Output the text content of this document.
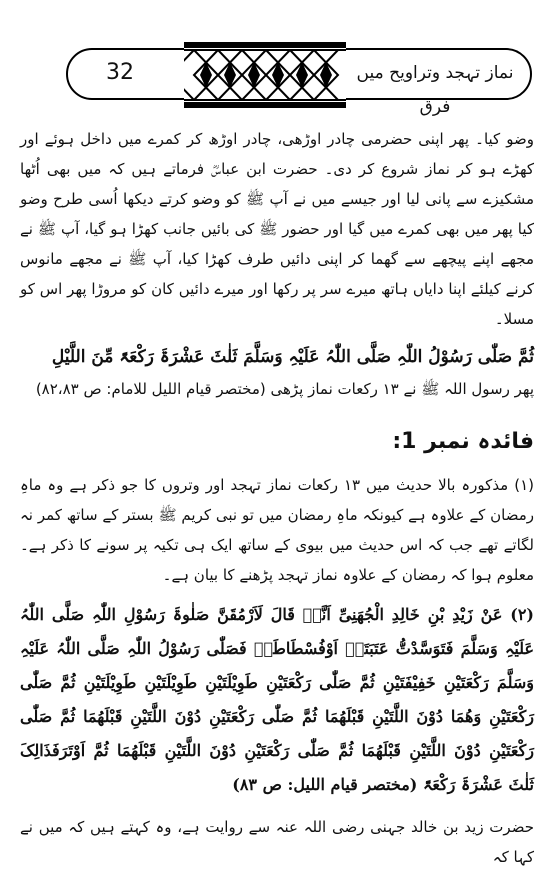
32	نماز تہجد وتراویح میں فرق

وضو کیا۔ پھر اپنی حضرمی چادر اوڑھی، چادر اوڑھ کر کمرے میں داخل ہوئے اور کھڑے ہو کر نماز شروع کر دی۔ حضرت ابن عباسؓ فرماتے ہیں کہ میں بھی اُٹھا مشکیزے سے پانی لیا اور جیسے میں نے آپ ﷺ کو وضو کرتے دیکھا اُسی طرح وضو کیا پھر میں بھی کمرے میں گیا اور حضور ﷺ کی بائیں جانب کھڑا ہو گیا، آپ ﷺ نے مجھے اپنے پیچھے سے گھما کر اپنی دائیں طرف کھڑا کیا، آپ ﷺ نے مجھے مانوس کرنے کیلئے اپنا دایاں ہاتھ میرے سر پر رکھا اور میرے دائیں کان کو مروڑا پھر اس کو مسلا۔

ثُمَّ صَلّٰی رَسُوْلُ اللّٰہِ صَلَّی اللّٰہُ عَلَیْہِ وَسَلَّمَ ثَلٰثَ عَشْرَۃَ رَکْعَۃً مِّنَ اللَّیْلِ

پھر رسول اللہ ﷺ نے ۱۳ رکعات نماز پڑھی (مختصر قیام اللیل للامام: ص ۸۲،۸۳)

فائدہ نمبر 1:

(۱) مذکورہ بالا حدیث میں ۱۳ رکعات نماز تہجد اور وتروں کا جو ذکر ہے وہ ماہِ رمضان کے علاوہ ہے کیونکہ ماہِ رمضان میں تو نبی کریم ﷺ بستر کے ساتھ کمر نہ لگاتے تھے جب کہ اس حدیث میں بیوی کے ساتھ ایک ہی تکیہ پر سونے کا ذکر ہے۔ معلوم ہوا کہ رمضان کے علاوہ نماز تہجد پڑھنے کا بیان ہے۔

(۲) عَنْ زَیْدِ بْنِ خَالِدِ الْجُھَنِیِّ اَنَّہٗ قَالَ لَاَرْمُقَنَّ صَلٰوۃَ رَسُوْلِ اللّٰہِ صَلَّی اللّٰہُ عَلَیْہِ وَسَلَّمَ فَتَوَسَّدْتُّ عَتَبَتَہٗ اَوْفُسْطَاطَۃٗ فَصَلّٰی رَسُوْلُ اللّٰہِ صَلَّی اللّٰہُ عَلَیْہِ وَسَلَّمَ رَکْعَتَیْنِ خَفِیْفَتَیْنِ ثُمَّ صَلّٰی رَکْعَتَیْنِ طَوِیْلَتَیْنِ طَوِیْلَتَیْنِ طَوِیْلَتَیْنِ ثُمَّ صَلّٰی رَکْعَتَیْنِ وَھُمَا دُوْنَ اللَّتَیْنِ قَبْلَھُمَا ثُمَّ صَلّٰی رَکْعَتَیْنِ دُوْنَ اللَّتَیْنِ قَبْلَھُمَا ثُمَّ صَلّٰی رَکْعَتَیْنِ دُوْنَ اللَّتَیْنِ قَبْلَھُمَا ثُمَّ صَلّٰی رَکْعَتَیْنِ دُوْنَ اللَّتَیْنِ قَبْلَھُمَا ثُمَّ اَوْتَرَفَذَالِکَ ثَلٰثَ عَشْرَۃَ رَکْعَۃً (مختصر قیام اللیل: ص ۸۳)

حضرت زید بن خالد جہنی رضی اللہ عنہ سے روایت ہے، وہ کہتے ہیں کہ میں نے کہا کہ
